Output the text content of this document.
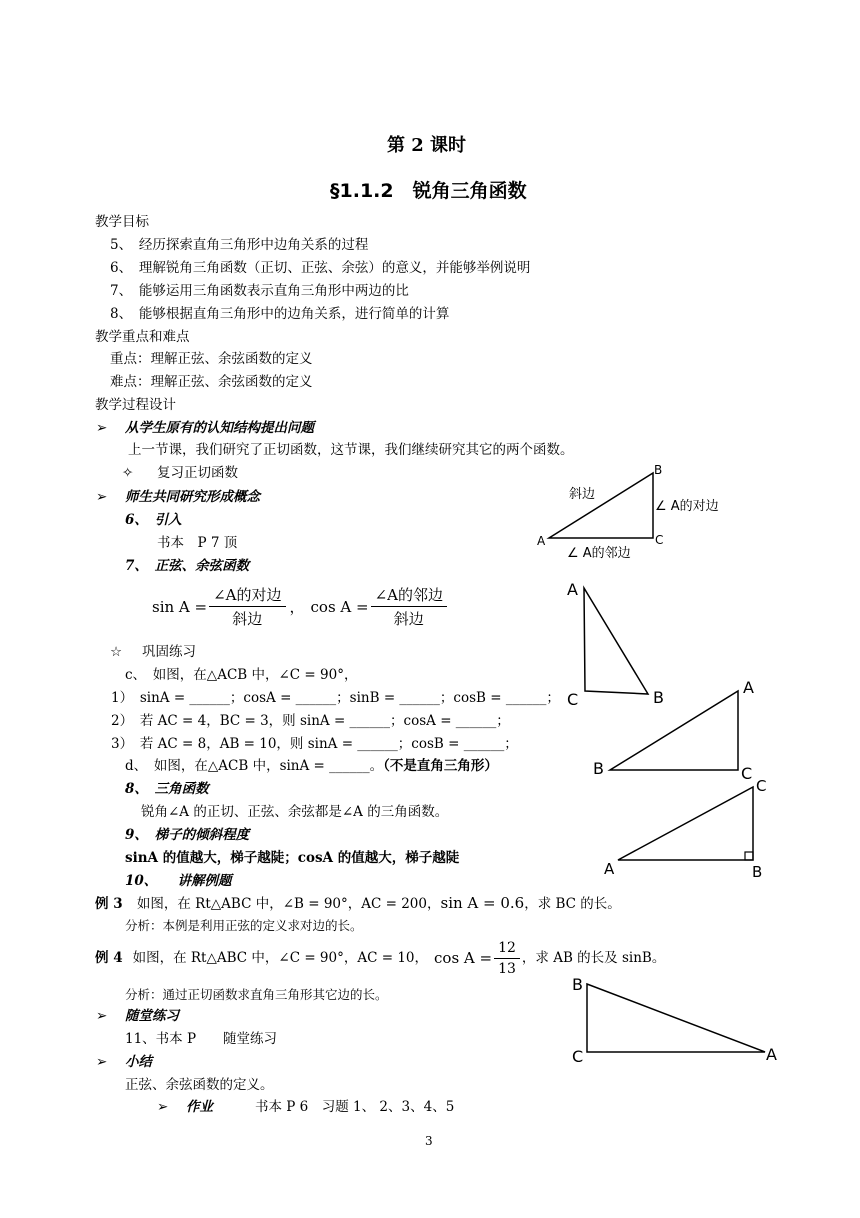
第 2 课时
§1.1.2　锐角三角函数
教学目标
5、　经历探索直角三角形中边角关系的过程
6、　理解锐角三角函数（正切、正弦、余弦）的意义，并能够举例说明
7、　能够运用三角函数表示直角三角形中两边的比
8、　能够根据直角三角形中的边角关系，进行简单的计算
教学重点和难点
重点：理解正弦、余弦函数的定义
难点：理解正弦、余弦函数的定义
教学过程设计
➢ 从学生原有的认知结构提出问题
上一节课，我们研究了正切函数，这节课，我们继续研究其它的两个函数。
✧ 复习正切函数
➢ 师生共同研究形成概念
6、　引入
书本　P 7 顶
7、　正弦、余弦函数
$\sin A = \frac{\text{∠A的对边}}{\text{斜边}}$ ， $\cos A = \frac{\text{∠A的邻边}}{\text{斜边}}$
☆ 巩固练习
c、　如图，在△ACB 中，∠C = 90°，
1）　sinA = ______；cosA = ______；sinB = ______；cosB = ______；
2）　若 AC = 4，BC = 3，则 sinA = ______；cosA = ______；
3）　若 AC = 8，AB = 10，则 sinA = ______；cosB = ______；
d、　如图，在△ACB 中，sinA = ______。（不是直角三角形）
8、　三角函数
锐角∠A 的正切、正弦、余弦都是∠A 的三角函数。
9、　梯子的倾斜程度
sinA 的值越大，梯子越陡；cosA 的值越大，梯子越陡
10、　　讲解例题
例 3 如图，在 Rt△ABC 中，∠B = 90°，AC = 200，sin A = 0.6，求 BC 的长。
分析：本例是利用正弦的定义求对边的长。
例 4 如图，在 Rt△ABC 中，∠C = 90°，AC = 10， $\cos A = \frac{12}{13}$ ，求 AB 的长及 sinB。
分析：通过正切函数求直角三角形其它边的长。
➢ 随堂练习
11、书本 P　　随堂练习
➢ 小结
正弦、余弦函数的定义。
➢ 作业	书本 P 6　习题 1、 2、3、4、5
3
A
B
C
斜边
∠ A的对边
∠ A的邻边
A
C	B
A
B	C
C
A	B
B
C	A
